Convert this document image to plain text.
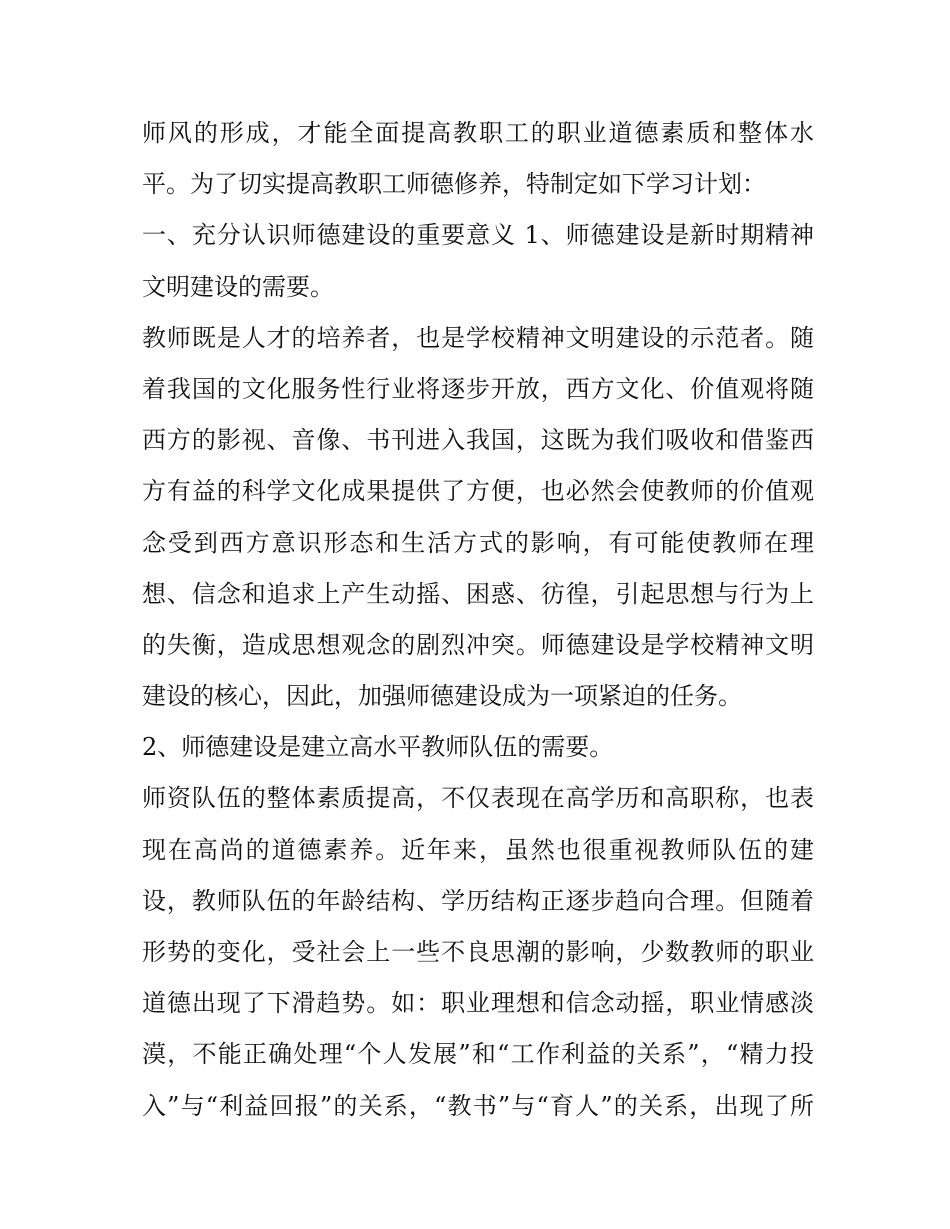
师风的形成，才能全面提高教职工的职业道德素质和整体水
平。为了切实提高教职工师德修养，特制定如下学习计划：
一、充分认识师德建设的重要意义 1、师德建设是新时期精神
文明建设的需要。
教师既是人才的培养者，也是学校精神文明建设的示范者。随
着我国的文化服务性行业将逐步开放，西方文化、价值观将随
西方的影视、音像、书刊进入我国，这既为我们吸收和借鉴西
方有益的科学文化成果提供了方便，也必然会使教师的价值观
念受到西方意识形态和生活方式的影响，有可能使教师在理
想、信念和追求上产生动摇、困惑、彷徨，引起思想与行为上
的失衡，造成思想观念的剧烈冲突。师德建设是学校精神文明
建设的核心，因此，加强师德建设成为一项紧迫的任务。
2、师德建设是建立高水平教师队伍的需要。
师资队伍的整体素质提高，不仅表现在高学历和高职称，也表
现在高尚的道德素养。近年来，虽然也很重视教师队伍的建
设，教师队伍的年龄结构、学历结构正逐步趋向合理。但随着
形势的变化，受社会上一些不良思潮的影响，少数教师的职业
道德出现了下滑趋势。如：职业理想和信念动摇，职业情感淡
漠，不能正确处理“个人发展”和“工作利益的关系”，“精力投
入”与“利益回报”的关系，“教书”与“育人”的关系，出现了所
